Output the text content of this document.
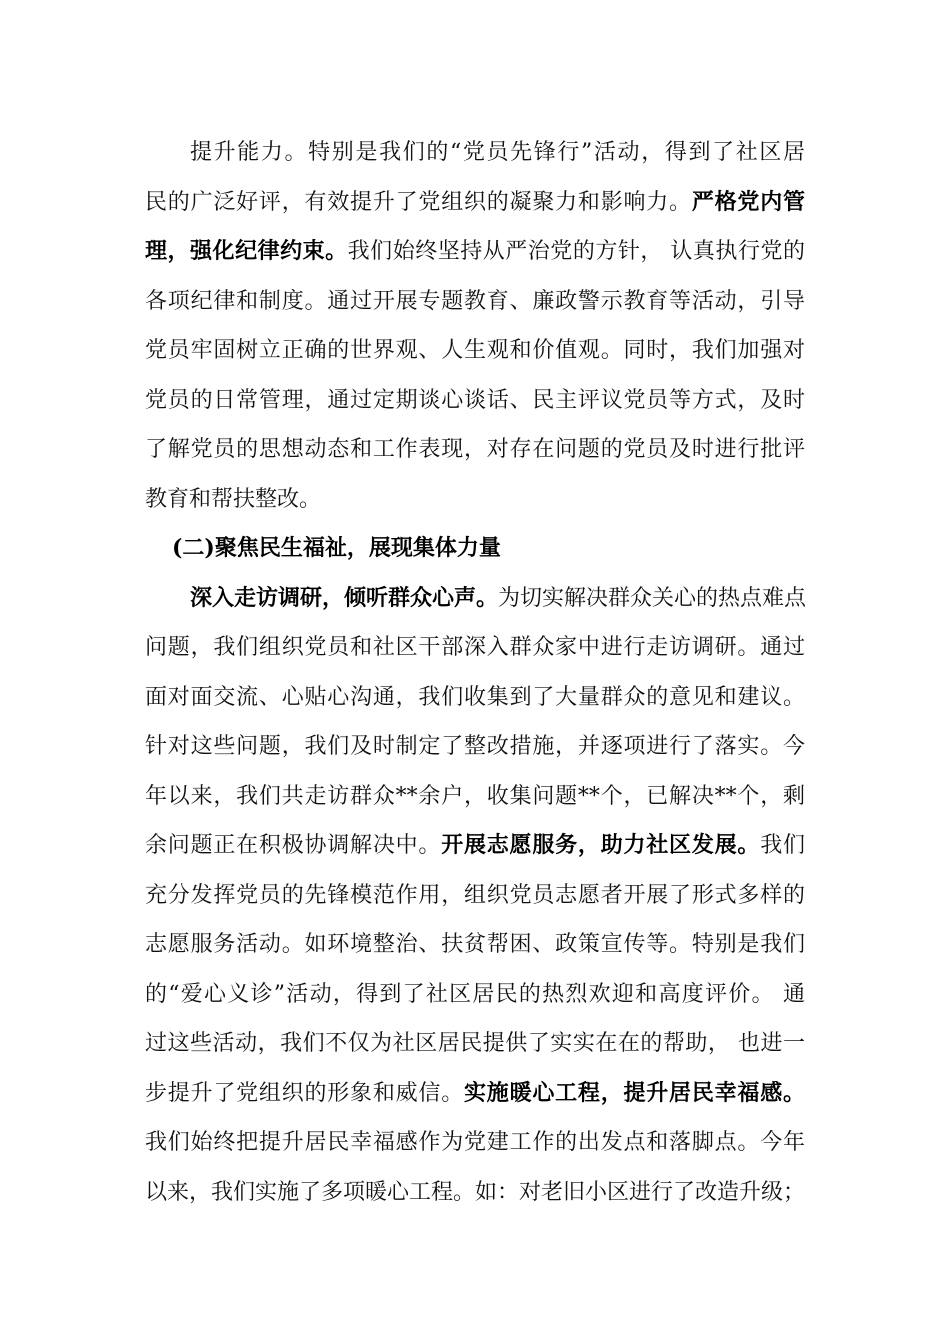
提升能力。特别是我们的“党员先锋行”活动，得到了社区居
民的广泛好评，有效提升了党组织的凝聚力和影响力。严格党内管
理，强化纪律约束。我们始终坚持从严治党的方针， 认真执行党的
各项纪律和制度。通过开展专题教育、廉政警示教育等活动，引导
党员牢固树立正确的世界观、人生观和价值观。同时，我们加强对
党员的日常管理，通过定期谈心谈话、民主评议党员等方式，及时
了解党员的思想动态和工作表现，对存在问题的党员及时进行批评
教育和帮扶整改。
(二)聚焦民生福祉，展现集体力量
深入走访调研，倾听群众心声。为切实解决群众关心的热点难点
问题，我们组织党员和社区干部深入群众家中进行走访调研。通过
面对面交流、心贴心沟通，我们收集到了大量群众的意见和建议。
针对这些问题，我们及时制定了整改措施，并逐项进行了落实。今
年以来，我们共走访群众**余户，收集问题**个，已解决**个，剩
余问题正在积极协调解决中。开展志愿服务，助力社区发展。我们
充分发挥党员的先锋模范作用，组织党员志愿者开展了形式多样的
志愿服务活动。如环境整治、扶贫帮困、政策宣传等。特别是我们
的“爱心义诊”活动，得到了社区居民的热烈欢迎和高度评价。 通
过这些活动，我们不仅为社区居民提供了实实在在的帮助， 也进一
步提升了党组织的形象和威信。实施暖心工程，提升居民幸福感。
我们始终把提升居民幸福感作为党建工作的出发点和落脚点。今年
以来，我们实施了多项暖心工程。如：对老旧小区进行了改造升级；
